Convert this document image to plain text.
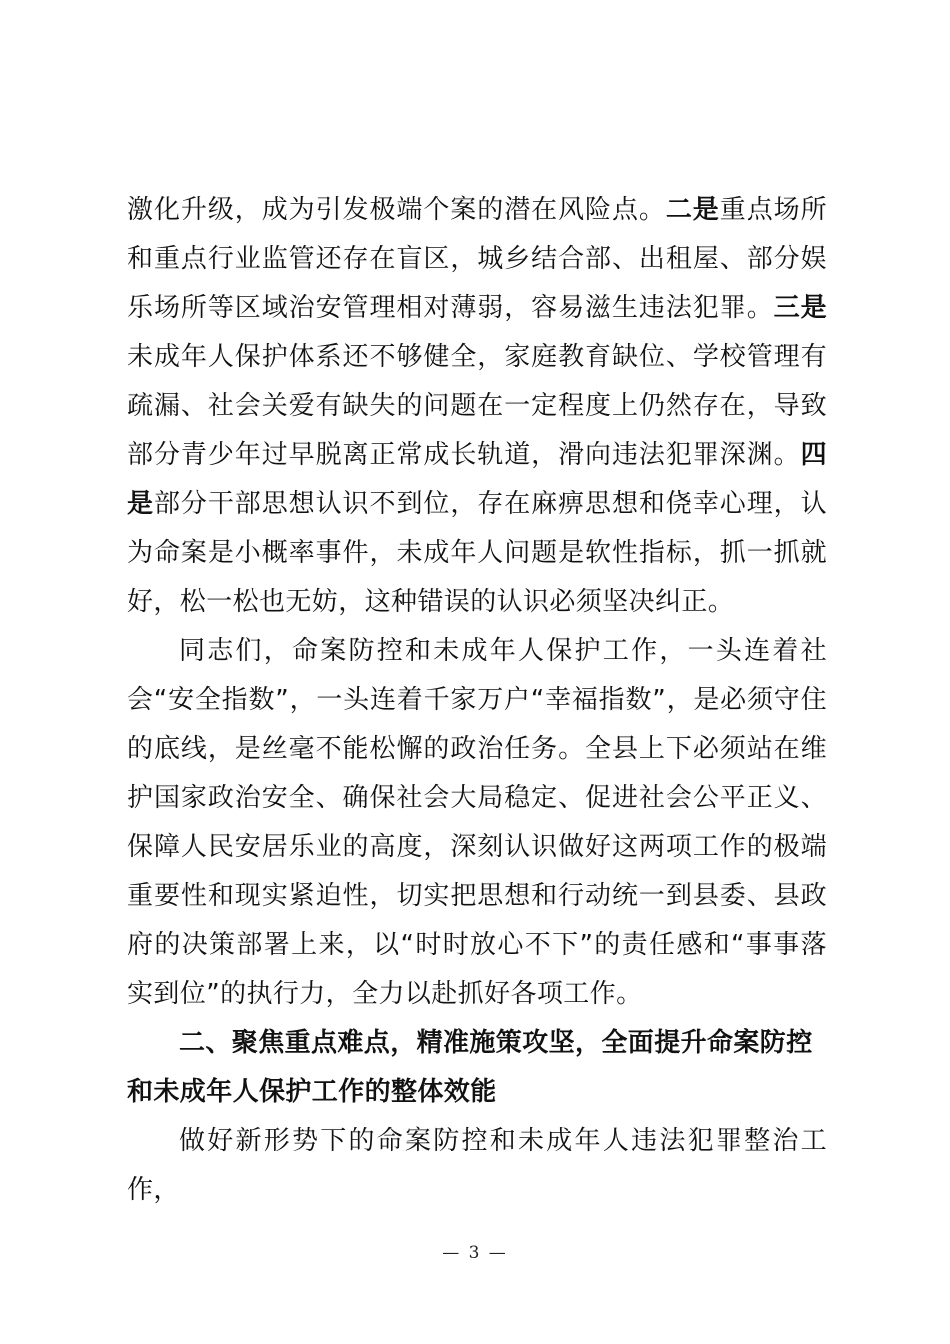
激化升级，成为引发极端个案的潜在风险点。二是重点场所和重点行业监管还存在盲区，城乡结合部、出租屋、部分娱乐场所等区域治安管理相对薄弱，容易滋生违法犯罪。三是未成年人保护体系还不够健全，家庭教育缺位、学校管理有疏漏、社会关爱有缺失的问题在一定程度上仍然存在，导致部分青少年过早脱离正常成长轨道，滑向违法犯罪深渊。四是部分干部思想认识不到位，存在麻痹思想和侥幸心理，认为命案是小概率事件，未成年人问题是软性指标，抓一抓就好，松一松也无妨，这种错误的认识必须坚决纠正。

同志们，命案防控和未成年人保护工作，一头连着社会“安全指数”，一头连着千家万户“幸福指数”，是必须守住的底线，是丝毫不能松懈的政治任务。全县上下必须站在维护国家政治安全、确保社会大局稳定、促进社会公平正义、保障人民安居乐业的高度，深刻认识做好这两项工作的极端重要性和现实紧迫性，切实把思想和行动统一到县委、县政府的决策部署上来，以“时时放心不下”的责任感和“事事落实到位”的执行力，全力以赴抓好各项工作。

二、聚焦重点难点，精准施策攻坚，全面提升命案防控和未成年人保护工作的整体效能

做好新形势下的命案防控和未成年人违法犯罪整治工作，

— 3 —
